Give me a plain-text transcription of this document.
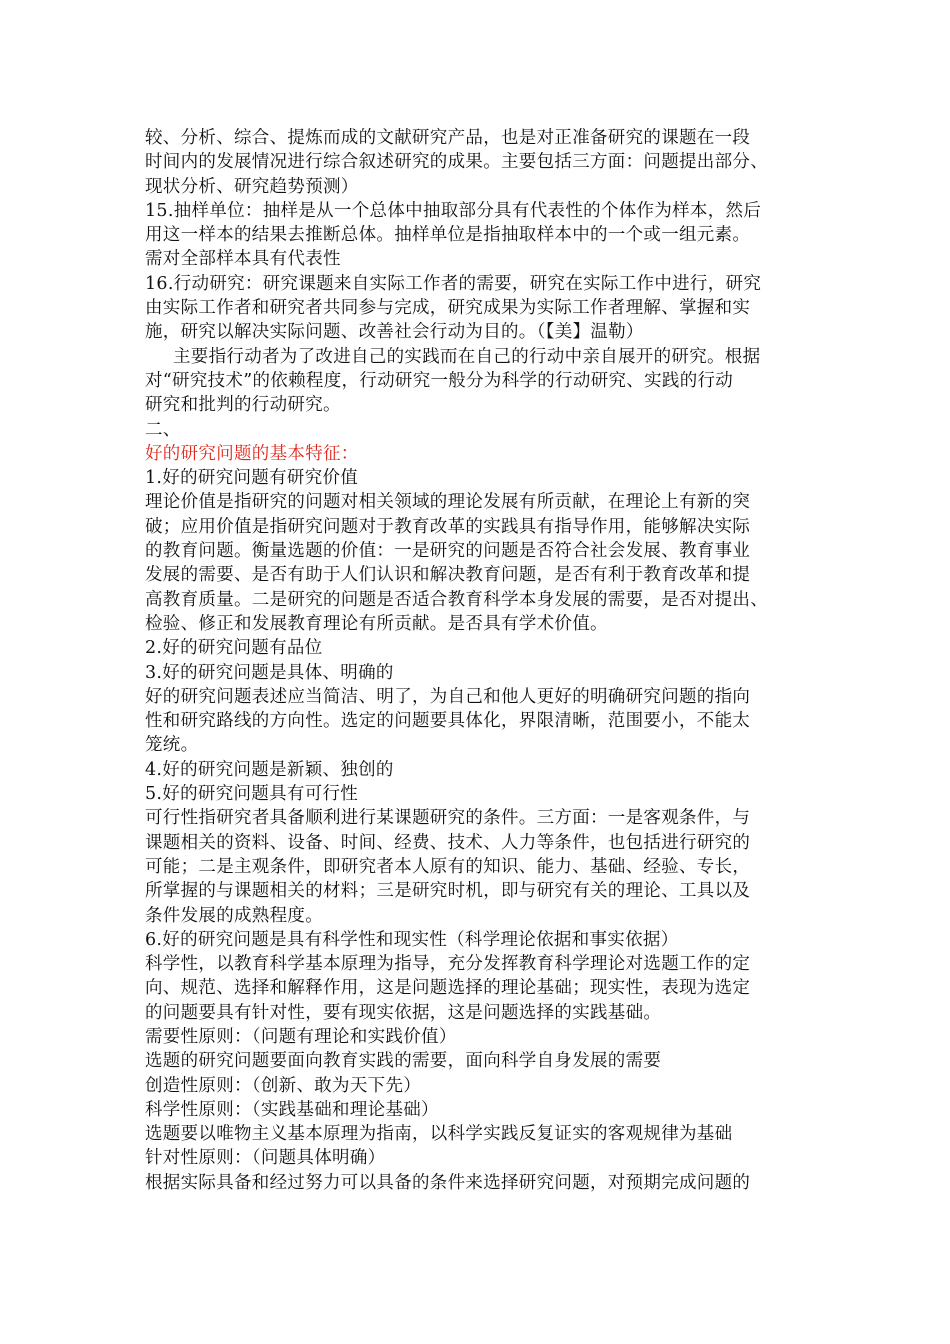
较、分析、综合、提炼而成的文献研究产品，也是对正准备研究的课题在一段
时间内的发展情况进行综合叙述研究的成果。主要包括三方面：问题提出部分、
现状分析、研究趋势预测）
15.抽样单位：抽样是从一个总体中抽取部分具有代表性的个体作为样本，然后
用这一样本的结果去推断总体。抽样单位是指抽取样本中的一个或一组元素。
需对全部样本具有代表性
16.行动研究：研究课题来自实际工作者的需要，研究在实际工作中进行，研究
由实际工作者和研究者共同参与完成，研究成果为实际工作者理解、掌握和实
施，研究以解决实际问题、改善社会行动为目的。（【美】温勒）
主要指行动者为了改进自己的实践而在自己的行动中亲自展开的研究。根据
对“研究技术”的依赖程度，行动研究一般分为科学的行动研究、实践的行动
研究和批判的行动研究。
二、
好的研究问题的基本特征：
1.好的研究问题有研究价值
理论价值是指研究的问题对相关领域的理论发展有所贡献，在理论上有新的突
破；应用价值是指研究问题对于教育改革的实践具有指导作用，能够解决实际
的教育问题。衡量选题的价值：一是研究的问题是否符合社会发展、教育事业
发展的需要、是否有助于人们认识和解决教育问题，是否有利于教育改革和提
高教育质量。二是研究的问题是否适合教育科学本身发展的需要，是否对提出、
检验、修正和发展教育理论有所贡献。是否具有学术价值。
2.好的研究问题有品位
3.好的研究问题是具体、明确的
好的研究问题表述应当简洁、明了，为自己和他人更好的明确研究问题的指向
性和研究路线的方向性。选定的问题要具体化，界限清晰，范围要小，不能太
笼统。
4.好的研究问题是新颖、独创的
5.好的研究问题具有可行性
可行性指研究者具备顺利进行某课题研究的条件。三方面：一是客观条件，与
课题相关的资料、设备、时间、经费、技术、人力等条件，也包括进行研究的
可能；二是主观条件，即研究者本人原有的知识、能力、基础、经验、专长，
所掌握的与课题相关的材料；三是研究时机，即与研究有关的理论、工具以及
条件发展的成熟程度。
6.好的研究问题是具有科学性和现实性（科学理论依据和事实依据）
科学性，以教育科学基本原理为指导，充分发挥教育科学理论对选题工作的定
向、规范、选择和解释作用，这是问题选择的理论基础；现实性，表现为选定
的问题要具有针对性，要有现实依据，这是问题选择的实践基础。
需要性原则：（问题有理论和实践价值）
选题的研究问题要面向教育实践的需要，面向科学自身发展的需要
创造性原则：（创新、敢为天下先）
科学性原则：（实践基础和理论基础）
选题要以唯物主义基本原理为指南，以科学实践反复证实的客观规律为基础
针对性原则：（问题具体明确）
根据实际具备和经过努力可以具备的条件来选择研究问题，对预期完成问题的
